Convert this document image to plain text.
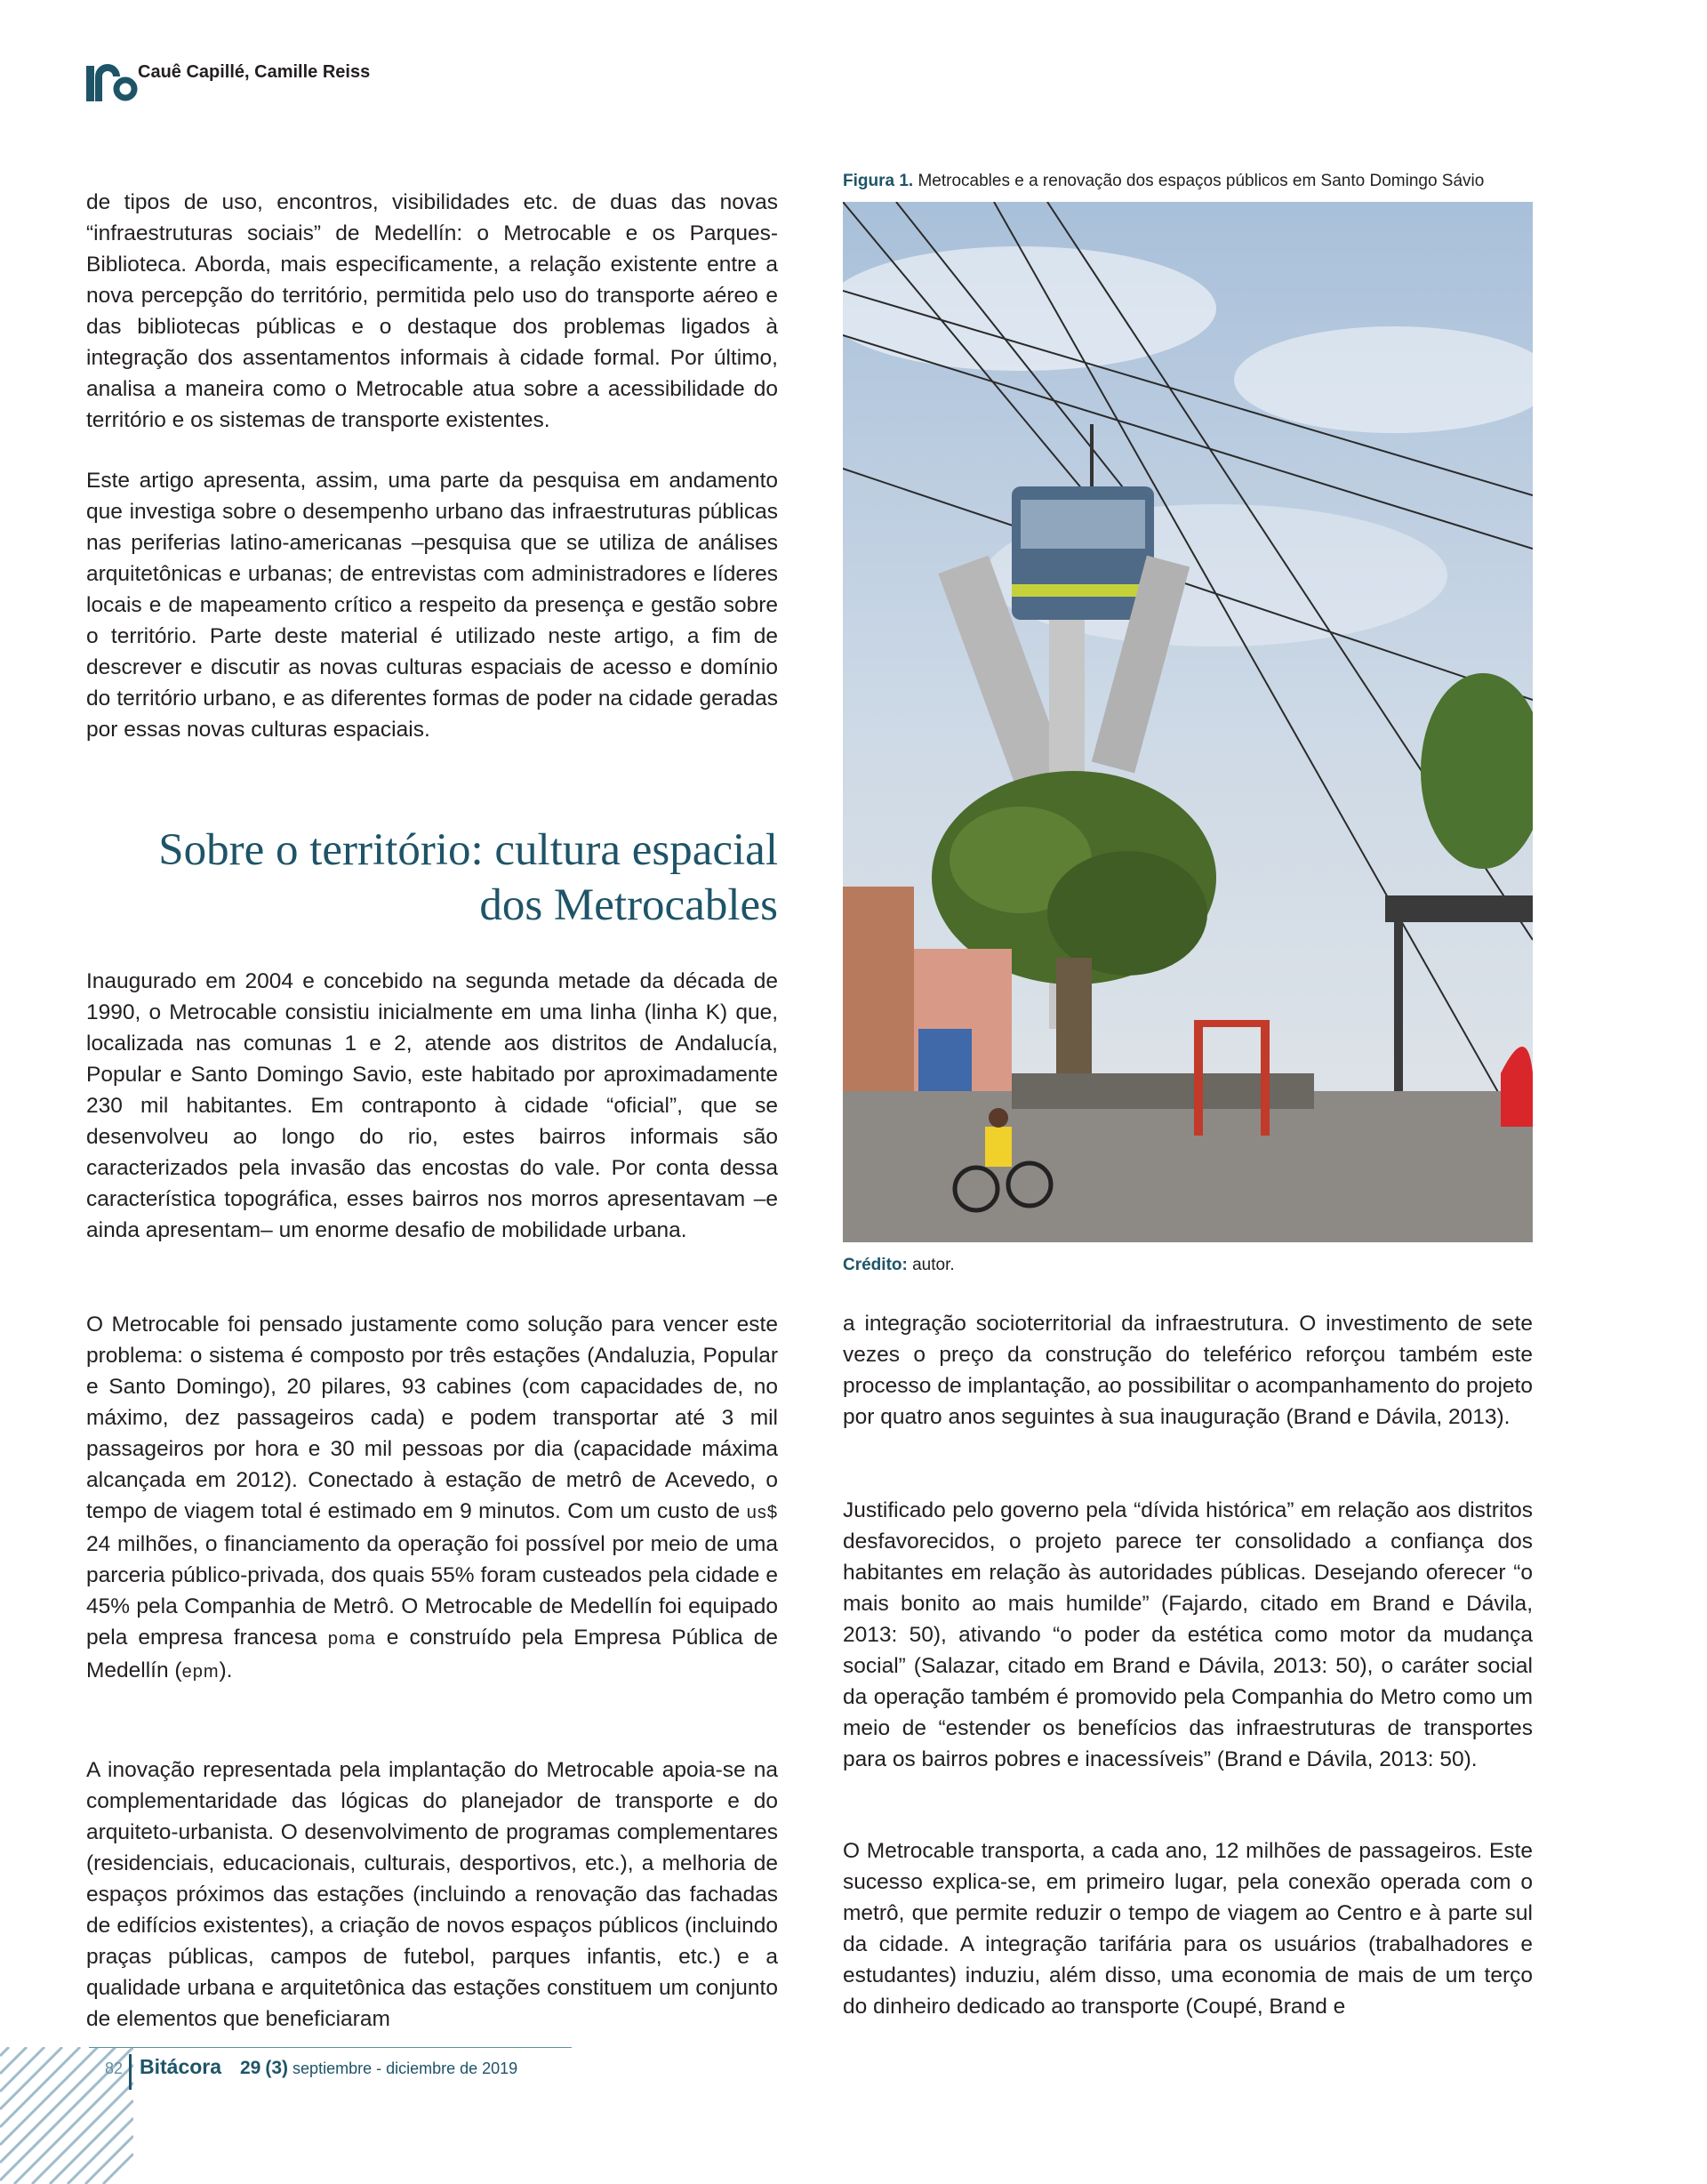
Cauê Capillé, Camille Reiss

de tipos de uso, encontros, visibilidades etc. de duas das novas “infraestruturas sociais” de Medellín: o Metrocable e os Parques-Biblioteca. Aborda, mais especificamente, a relação existente entre a nova percepção do território, permitida pelo uso do transporte aéreo e das bibliotecas públicas e o destaque dos problemas ligados à integração dos assentamentos informais à cidade formal. Por último, analisa a maneira como o Metrocable atua sobre a acessibilidade do território e os sistemas de transporte existentes.

Este artigo apresenta, assim, uma parte da pesquisa em andamento que investiga sobre o desempenho urbano das infraestruturas públicas nas periferias latino-americanas –pesquisa que se utiliza de análises arquitetônicas e urbanas; de entrevistas com administradores e líderes locais e de mapeamento crítico a respeito da presença e gestão sobre o território. Parte deste material é utilizado neste artigo, a fim de descrever e discutir as novas culturas espaciais de acesso e domínio do território urbano, e as diferentes formas de poder na cidade geradas por essas novas culturas espaciais.

Sobre o território: cultura espacial dos Metrocables

Inaugurado em 2004 e concebido na segunda metade da década de 1990, o Metrocable consistiu inicialmente em uma linha (linha K) que, localizada nas comunas 1 e 2, atende aos distritos de Andalucía, Popular e Santo Domingo Savio, este habitado por aproximadamente 230 mil habitantes. Em contraponto à cidade “oficial”, que se desenvolveu ao longo do rio, estes bairros informais são caracterizados pela invasão das encostas do vale. Por conta dessa característica topográfica, esses bairros nos morros apresentavam –e ainda apresentam– um enorme desafio de mobilidade urbana.

O Metrocable foi pensado justamente como solução para vencer este problema: o sistema é composto por três estações (Andaluzia, Popular e Santo Domingo), 20 pilares, 93 cabines (com capacidades de, no máximo, dez passageiros cada) e podem transportar até 3 mil passageiros por hora e 30 mil pessoas por dia (capacidade máxima alcançada em 2012). Conectado à estação de metrô de Acevedo, o tempo de viagem total é estimado em 9 minutos. Com um custo de us$ 24 milhões, o financiamento da operação foi possível por meio de uma parceria público-privada, dos quais 55% foram custeados pela cidade e 45% pela Companhia de Metrô. O Metrocable de Medellín foi equipado pela empresa francesa poma e construído pela Empresa Pública de Medellín (epm).

A inovação representada pela implantação do Metrocable apoia-se na complementaridade das lógicas do planejador de transporte e do arquiteto-urbanista. O desenvolvimento de programas complementares (residenciais, educacionais, culturais, desportivos, etc.), a melhoria de espaços próximos das estações (incluindo a renovação das fachadas de edifícios existentes), a criação de novos espaços públicos (incluindo praças públicas, campos de futebol, parques infantis, etc.) e a qualidade urbana e arquitetônica das estações constituem um conjunto de elementos que beneficiaram

Figura 1. Metrocables e a renovação dos espaços públicos em Santo Domingo Sávio
Crédito: autor.

a integração socioterritorial da infraestrutura. O investimento de sete vezes o preço da construção do teleférico reforçou também este processo de implantação, ao possibilitar o acompanhamento do projeto por quatro anos seguintes à sua inauguração (Brand e Dávila, 2013).

Justificado pelo governo pela “dívida histórica” em relação aos distritos desfavorecidos, o projeto parece ter consolidado a confiança dos habitantes em relação às autoridades públicas. Desejando oferecer “o mais bonito ao mais humilde” (Fajardo, citado em Brand e Dávila, 2013: 50), ativando “o poder da estética como motor da mudança social” (Salazar, citado em Brand e Dávila, 2013: 50), o caráter social da operação também é promovido pela Companhia do Metro como um meio de “estender os benefícios das infraestruturas de transportes para os bairros pobres e inacessíveis” (Brand e Dávila, 2013: 50).

O Metrocable transporta, a cada ano, 12 milhões de passageiros. Este sucesso explica-se, em primeiro lugar, pela conexão operada com o metrô, que permite reduzir o tempo de viagem ao Centro e à parte sul da cidade. A integração tarifária para os usuários (trabalhadores e estudantes) induziu, além disso, uma economia de mais de um terço do dinheiro dedicado ao transporte (Coupé, Brand e

82 Bitácora 29 (3) septiembre - diciembre de 2019
